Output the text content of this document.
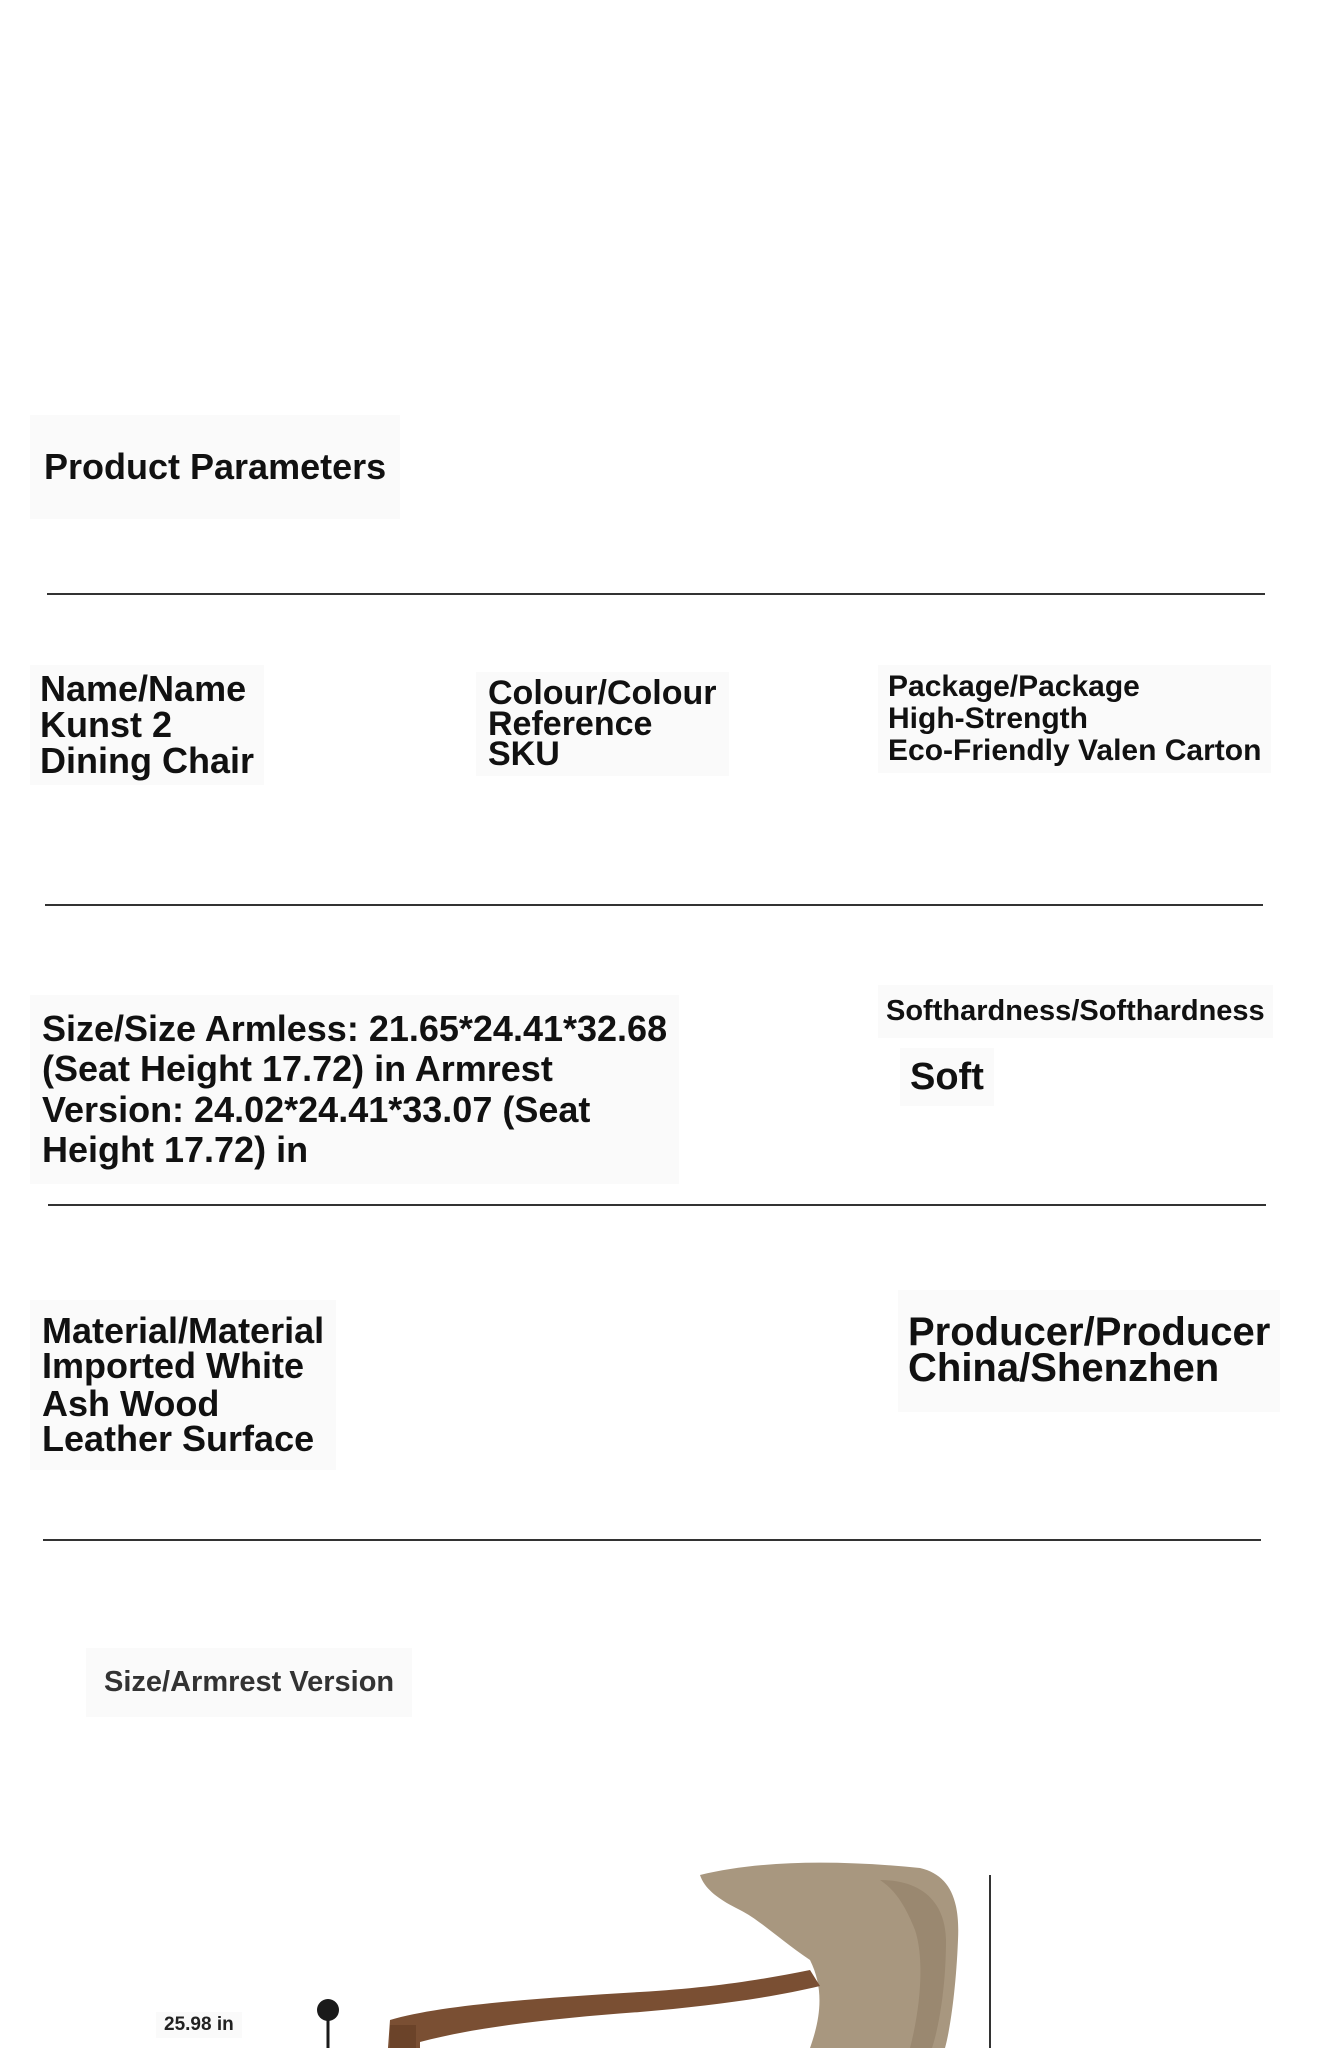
Product Parameters
Name/Name
Kunst 2
Dining Chair
Colour/Colour
Reference
SKU
Package/Package
High-Strength
Eco-Friendly Valen Carton
Size/Size Armless: 21.65*24.41*32.68
(Seat Height 17.72) in Armrest
Version: 24.02*24.41*33.07 (Seat
Height 17.72) in
Softhardness/Softhardness
Soft
Material/Material
Imported White
Ash Wood
Leather Surface
Producer/Producer
China/Shenzhen
Size/Armrest Version
25.98 in
